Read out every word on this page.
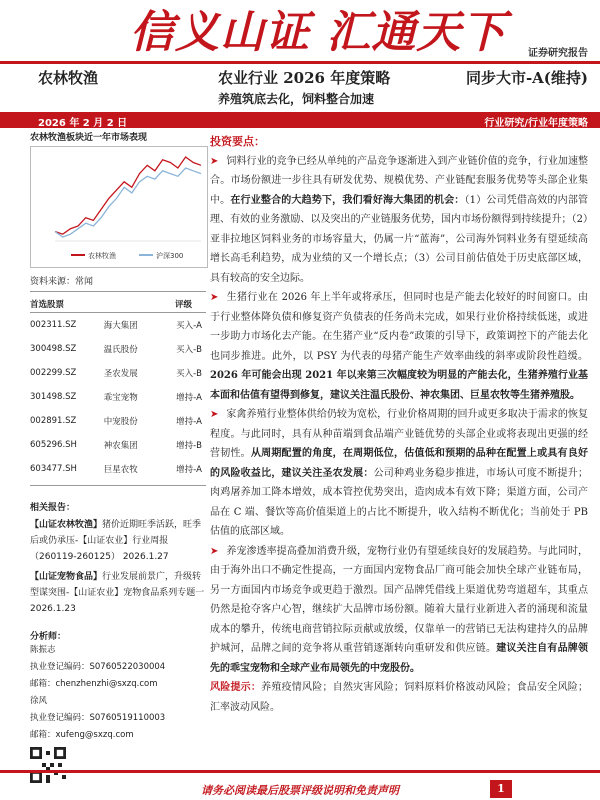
信义山证 汇通天下 证券研究报告
农林牧渔	农业行业 2026 年度策略	同步大市-A(维持)
养殖筑底去化，饲料整合加速
2026 年 2 月 2 日	行业研究/行业年度策略
农林牧渔板块近一年市场表现
农林牧渔	沪深300
资料来源：常闻
首选股票		评级
002311.SZ	海大集团	买入-A
300498.SZ	温氏股份	买入-B
002299.SZ	圣农发展	买入-B
301498.SZ	乖宝宠物	增持-A
002891.SZ	中宠股份	增持-A
605296.SH	神农集团	增持-B
603477.SH	巨星农牧	增持-A
相关报告：
【山证农林牧渔】猪价近期旺季活跃，旺季后或仍承压-【山证农业】行业周报（260119-260125） 2026.1.27
【山证宠物食品】行业发展前景广，升级转型谋突围-【山证农业】宠物食品系列专题一 2026.1.23
分析师：
陈振志
执业登记编码：S0760522030004
邮箱：chenzhenzhi@sxzq.com
徐风
执业登记编码：S0760519110003
邮箱：xufeng@sxzq.com
投资要点：

➤ 饲料行业的竞争已经从单纯的产品竞争逐渐进入到产业链价值的竞争，行业加速整合。市场份额进一步往具有研发优势、规模优势、产业链配套服务优势等头部企业集中。在行业整合的大趋势下，我们看好海大集团的机会：（1）公司凭借高效的内部管理、有效的业务激励、以及突出的产业链服务优势，国内市场份额得到持续提升；（2）亚非拉地区饲料业务的市场容量大，仍属一片“蓝海”，公司海外饲料业务有望延续高增长高毛利趋势，成为业绩的又一个增长点；（3）公司目前估值处于历史底部区域，具有较高的安全边际。

➤ 生猪行业在 2026 年上半年或将承压，但同时也是产能去化较好的时间窗口。由于行业整体降负债和修复资产负债表的任务尚未完成，如果行业价格持续低迷，或进一步助力市场化去产能。在生猪产业“反内卷”政策的引导下，政策调控下的产能去化也同步推进。此外，以 PSY 为代表的母猪产能生产效率曲线的斜率或阶段性趋缓。2026 年可能会出现 2021 年以来第三次幅度较为明显的产能去化，生猪养殖行业基本面和估值有望得到修复，建议关注温氏股份、神农集团、巨星农牧等生猪养殖股。

➤ 家禽养殖行业整体供给仍较为宽松，行业价格周期的回升或更多取决于需求的恢复程度。与此同时，具有从种苗端到食品端产业链优势的头部企业或将表现出更强的经营韧性。从周期配置的角度，在周期低位，估值低和预期的品种在配置上或具有良好的风险收益比，建议关注圣农发展：公司种鸡业务稳步推进，市场认可度不断提升；肉鸡屠养加工降本增效，成本管控优势突出，造肉成本有效下降；渠道方面，公司产品在 C 端、餐饮等高价值渠道上的占比不断提升，收入结构不断优化；当前处于 PB 估值的底部区域。

➤ 养宠渗透率提高叠加消费升级，宠物行业仍有望延续良好的发展趋势。与此同时，由于海外出口不确定性提高，一方面国内宠物食品厂商可能会加快全球产业链布局，另一方面国内市场竞争或更趋于激烈。国产品牌凭借线上渠道优势弯道超车，其重点仍然是抢夺客户心智，继续扩大品牌市场份额。随着大量行业新进入者的涌现和流量成本的攀升，传统电商营销拉际贡献或放缓，仅靠单一的营销已无法构建持久的品牌护城河，品牌之间的竞争将从重营销逐渐转向重研发和供应链。建议关注自有品牌领先的乖宝宠物和全球产业布局领先的中宠股份。

风险提示：养殖疫情风险；自然灾害风险；饲料原料价格波动风险；食品安全风险；汇率波动风险。

请务必阅读最后股票评级说明和免责声明	1
